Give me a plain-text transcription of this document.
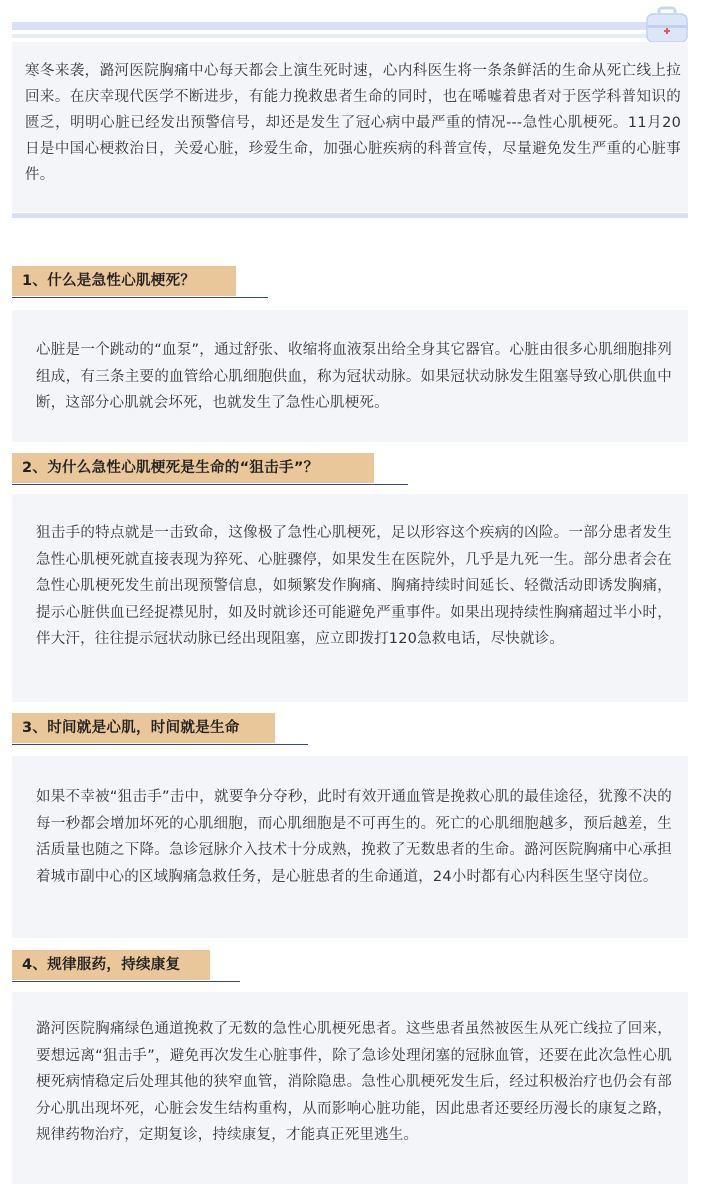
寒冬来袭，潞河医院胸痛中心每天都会上演生死时速，心内科医生将一条条鲜活的生命从死亡线上拉回来。在庆幸现代医学不断进步，有能力挽救患者生命的同时，也在唏嘘着患者对于医学科普知识的匮乏，明明心脏已经发出预警信号，却还是发生了冠心病中最严重的情况---急性心肌梗死。11月20日是中国心梗救治日，关爱心脏，珍爱生命，加强心脏疾病的科普宣传，尽量避免发生严重的心脏事件。
1、什么是急性心肌梗死？
心脏是一个跳动的“血泵”，通过舒张、收缩将血液泵出给全身其它器官。心脏由很多心肌细胞排列组成，有三条主要的血管给心肌细胞供血，称为冠状动脉。如果冠状动脉发生阻塞导致心肌供血中断，这部分心肌就会坏死，也就发生了急性心肌梗死。
2、为什么急性心肌梗死是生命的“狙击手”？
狙击手的特点就是一击致命，这像极了急性心肌梗死，足以形容这个疾病的凶险。一部分患者发生急性心肌梗死就直接表现为猝死、心脏骤停，如果发生在医院外，几乎是九死一生。部分患者会在急性心肌梗死发生前出现预警信息，如频繁发作胸痛、胸痛持续时间延长、轻微活动即诱发胸痛，提示心脏供血已经捉襟见肘，如及时就诊还可能避免严重事件。如果出现持续性胸痛超过半小时，伴大汗，往往提示冠状动脉已经出现阻塞，应立即拨打120急救电话，尽快就诊。
3、时间就是心肌，时间就是生命
如果不幸被“狙击手”击中，就要争分夺秒，此时有效开通血管是挽救心肌的最佳途径，犹豫不决的每一秒都会增加坏死的心肌细胞，而心肌细胞是不可再生的。死亡的心肌细胞越多，预后越差，生活质量也随之下降。急诊冠脉介入技术十分成熟，挽救了无数患者的生命。潞河医院胸痛中心承担着城市副中心的区域胸痛急救任务，是心脏患者的生命通道，24小时都有心内科医生坚守岗位。
4、规律服药，持续康复
潞河医院胸痛绿色通道挽救了无数的急性心肌梗死患者。这些患者虽然被医生从死亡线拉了回来，要想远离“狙击手”，避免再次发生心脏事件，除了急诊处理闭塞的冠脉血管，还要在此次急性心肌梗死病情稳定后处理其他的狭窄血管，消除隐患。急性心肌梗死发生后，经过积极治疗也仍会有部分心肌出现坏死，心脏会发生结构重构，从而影响心脏功能，因此患者还要经历漫长的康复之路，规律药物治疗，定期复诊，持续康复，才能真正死里逃生。
